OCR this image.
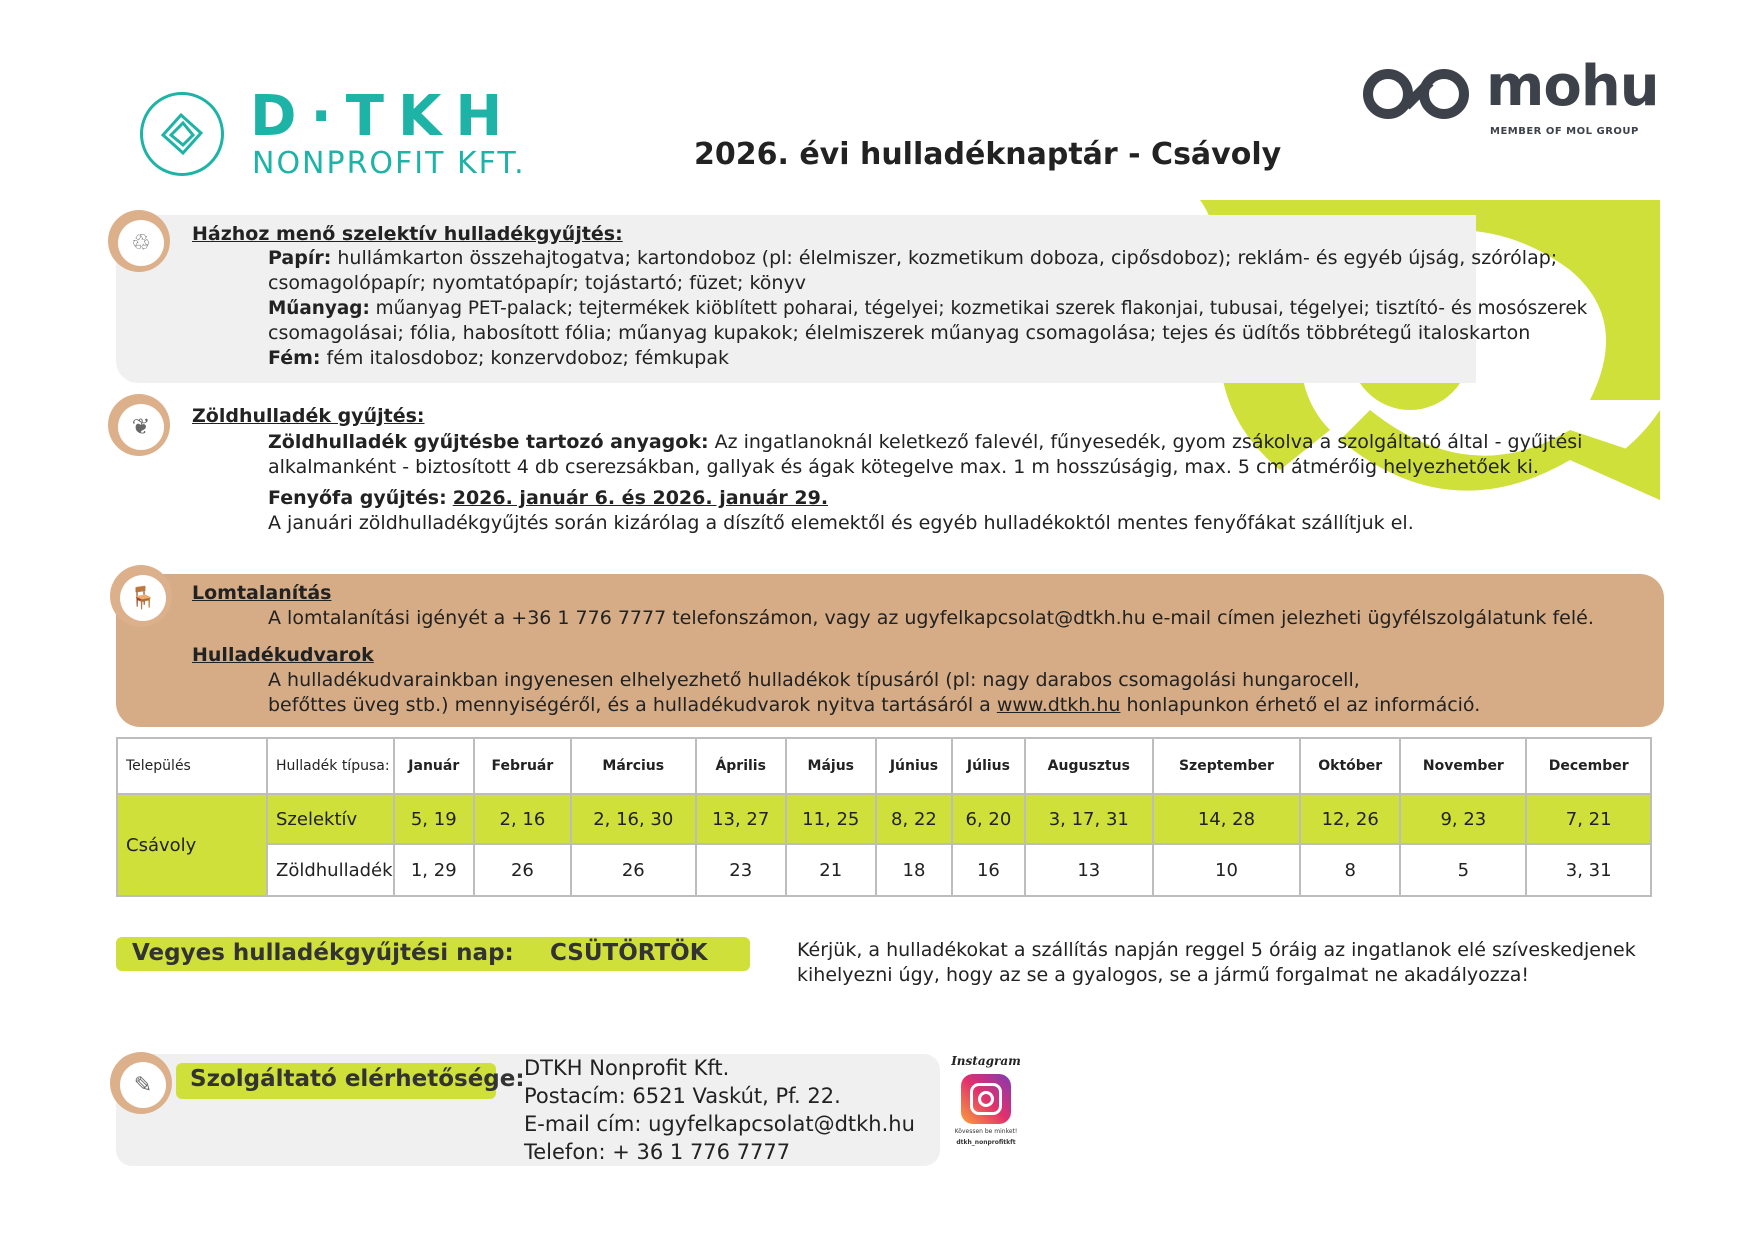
D·TKH
NONPROFIT KFT.
mohu
MEMBER OF MOL GROUP
2026. évi hulladéknaptár - Csávoly
♲	Házhoz menő szelektív hulladékgyűjtés:
Papír: hullámkarton összehajtogatva; kartondoboz (pl: élelmiszer, kozmetikum doboza, cipősdoboz); reklám- és egyéb újság, szórólap;
csomagolópapír; nyomtatópapír; tojástartó; füzet; könyv
Műanyag: műanyag PET-palack; tejtermékek kiöblített poharai, tégelyei; kozmetikai szerek flakonjai, tubusai, tégelyei; tisztító- és mosószerek
csomagolásai; fólia, habosított fólia; műanyag kupakok; élelmiszerek műanyag csomagolása; tejes és üdítős többrétegű italoskarton
Fém: fém italosdoboz; konzervdoboz; fémkupak
❦	Zöldhulladék gyűjtés:
Zöldhulladék gyűjtésbe tartozó anyagok: Az ingatlanoknál keletkező falevél, fűnyesedék, gyom zsákolva a szolgáltató által - gyűjtési
alkalmanként - biztosított 4 db cserezsákban, gallyak és ágak kötegelve max. 1 m hosszúságig, max. 5 cm átmérőig helyezhetőek ki.
Fenyőfa gyűjtés: 2026. január 6. és 2026. január 29.
A januári zöldhulladékgyűjtés során kizárólag a díszítő elemektől és egyéb hulladékoktól mentes fenyőfákat szállítjuk el.
🪑	Lomtalanítás
A lomtalanítási igényét a +36 1 776 7777 telefonszámon, vagy az ugyfelkapcsolat@dtkh.hu e-mail címen jelezheti ügyfélszolgálatunk felé.
Hulladékudvarok
A hulladékudvarainkban ingyenesen elhelyezhető hulladékok típusáról (pl: nagy darabos csomagolási hungarocell,
befőttes üveg stb.) mennyiségéről, és a hulladékudvarok nyitva tartásáról a www.dtkh.hu honlapunkon érhető el az információ.
Település	Hulladék típusa:	Január	Február	Március	Április	Május	Június	Július	Augusztus	Szeptember	Október	November	December
Csávoly	Szelektív	5, 19	2, 16	2, 16, 30	13, 27	11, 25	8, 22	6, 20	3, 17, 31	14, 28	12, 26	9, 23	7, 21
	Zöldhulladék	1, 29	26	26	23	21	18	16	13	10	8	5	3, 31
Vegyes hulladékgyűjtési nap: CSÜTÖRTÖK	Kérjük, a hulladékokat a szállítás napján reggel 5 óráig az ingatlanok elé szíveskedjenek
kihelyezni úgy, hogy az se a gyalogos, se a jármű forgalmat ne akadályozza!
✎	Szolgáltató elérhetősége: DTKH Nonprofit Kft.
Postacím: 6521 Vaskút, Pf. 22.
E-mail cím: ugyfelkapcsolat@dtkh.hu
Telefon: + 36 1 776 7777
Instagram
Kövessen be minket!
dtkh_nonprofitkft
